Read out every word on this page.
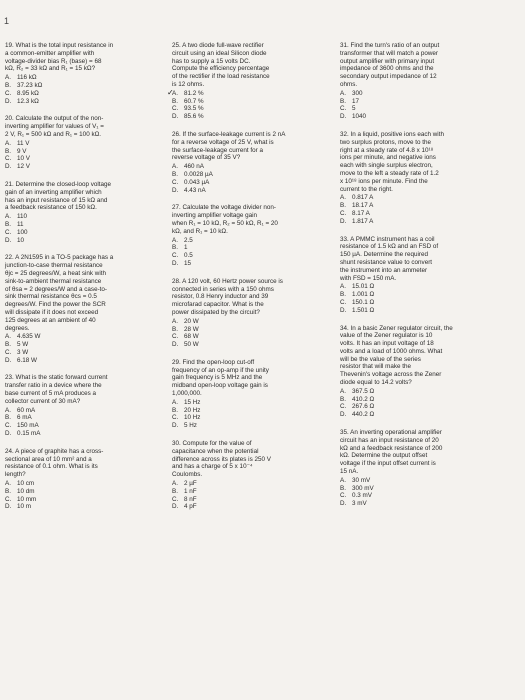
1
19. What is the total input resistance in
a common-emitter amplifier with
voltage-divider bias R₁ (base) = 68
kΩ, R₂ = 33 kΩ and R₁ = 15 kΩ?
A. 116 kΩ
B. 37.23 kΩ
C. 8.95 kΩ
D. 12.3 kΩ
20. Calculate the output of the non-
inverting amplifier for values of V₁ =
2 V, R₁ = 500 kΩ and R₁ = 100 kΩ.
A. 11 V
B. 9 V
C. 10 V
D. 12 V
21. Determine the closed-loop voltage
gain of an inverting amplifier which
has an input resistance of 15 kΩ and
a feedback resistance of 150 kΩ.
A. 110
B. 11
C. 100
D. 10
22. A 2N1595 in a TO-5 package has a
junction-to-case thermal resistance
θjc = 25 degrees/W, a heat sink with
sink-to-ambient thermal resistance
of θsa = 2 degrees/W and a case-to-
sink thermal resistance θcs = 0.5
degrees/W. Find the power the SCR
will dissipate if it does not exceed
125 degrees at an ambient of 40
degrees.
A. 4.635 W
B. 5 W
C. 3 W
D. 6.18 W
23. What is the static forward current
transfer ratio in a device where the
base current of 5 mA produces a
collector current of 30 mA?
A. 60 mA
B. 6 mA
C. 150 mA
D. 0.15 mA
24. A piece of graphite has a cross-
sectional area of 10 mm² and a
resistance of 0.1 ohm. What is its
length?
A. 10 cm
B. 10 dm
C. 10 mm
D. 10 m
25. A two diode full-wave rectifier
circuit using an ideal Silicon diode
has to supply a 15 volts DC.
Compute the efficiency percentage
of the rectifier if the load resistance
is 12 ohms.
✓
A. 81.2 %
B. 60.7 %
C. 93.5 %
D. 85.6 %
26. If the surface-leakage current is 2 nA
for a reverse voltage of 25 V, what is
the surface-leakage current for a
reverse voltage of 35 V?
A. 460 nA
B. 0.0028 µA
C. 0.043 µA
D. 4.43 nA
27. Calculate the voltage divider non-
inverting amplifier voltage gain
when R₁ = 10 kΩ, R₂ = 50 kΩ, R₁ = 20
kΩ, and R₁ = 10 kΩ.
A. 2.5
B. 1
C. 0.5
D. 15
28. A 120 volt, 60 Hertz power source is
connected in series with a 150 ohms
resistor, 0.8 Henry inductor and 39
microfarad capacitor. What is the
power dissipated by the circuit?
A. 20 W
B. 28 W
C. 68 W
D. 50 W
29. Find the open-loop cut-off
frequency of an op-amp if the unity
gain frequency is 5 MHz and the
midband open-loop voltage gain is
1,000,000.
A. 15 Hz
B. 20 Hz
C. 10 Hz
D. 5 Hz
30. Compute for the value of
capacitance when the potential
difference across its plates is 250 V
and has a charge of 5 x 10⁻⁴
Coulombs.
A. 2 µF
B. 1 nF
C. 8 nF
D. 4 pF
31. Find the turn's ratio of an output
transformer that will match a power
output amplifier with primary input
impedance of 3600 ohms and the
secondary output impedance of 12
ohms.
A. 300
B. 17
C. 5
D. 1040
32. In a liquid, positive ions each with
two surplus protons, move to the
right at a steady rate of 4.8 x 10¹⁸
ions per minute, and negative ions
each with single surplus electron,
move to the left a steady rate of 1.2
x 10¹⁸ ions per minute. Find the
current to the right.
A. 0.817 A
B. 18.17 A
C. 8.17 A
D. 1.817 A
33. A PMMC instrument has a coil
resistance of 1.5 kΩ and an FSD of
150 µA. Determine the required
shunt resistance value to convert
the instrument into an ammeter
with FSD = 150 mA.
A. 15.01 Ω
B. 1.001 Ω
C. 150.1 Ω
D. 1.501 Ω
34. In a basic Zener regulator circuit, the
value of the Zener regulator is 10
volts. It has an input voltage of 18
volts and a load of 1000 ohms. What
will be the value of the series
resistor that will make the
Thevenin's voltage across the Zener
diode equal to 14.2 volts?
A. 367.5 Ω
B. 410.2 Ω
C. 267.6 Ω
D. 440.2 Ω
35. An inverting operational amplifier
circuit has an input resistance of 20
kΩ and a feedback resistance of 200
kΩ. Determine the output offset
voltage if the input offset current is
15 nA.
A. 30 mV
B. 300 mV
C. 0.3 mV
D. 3 mV
